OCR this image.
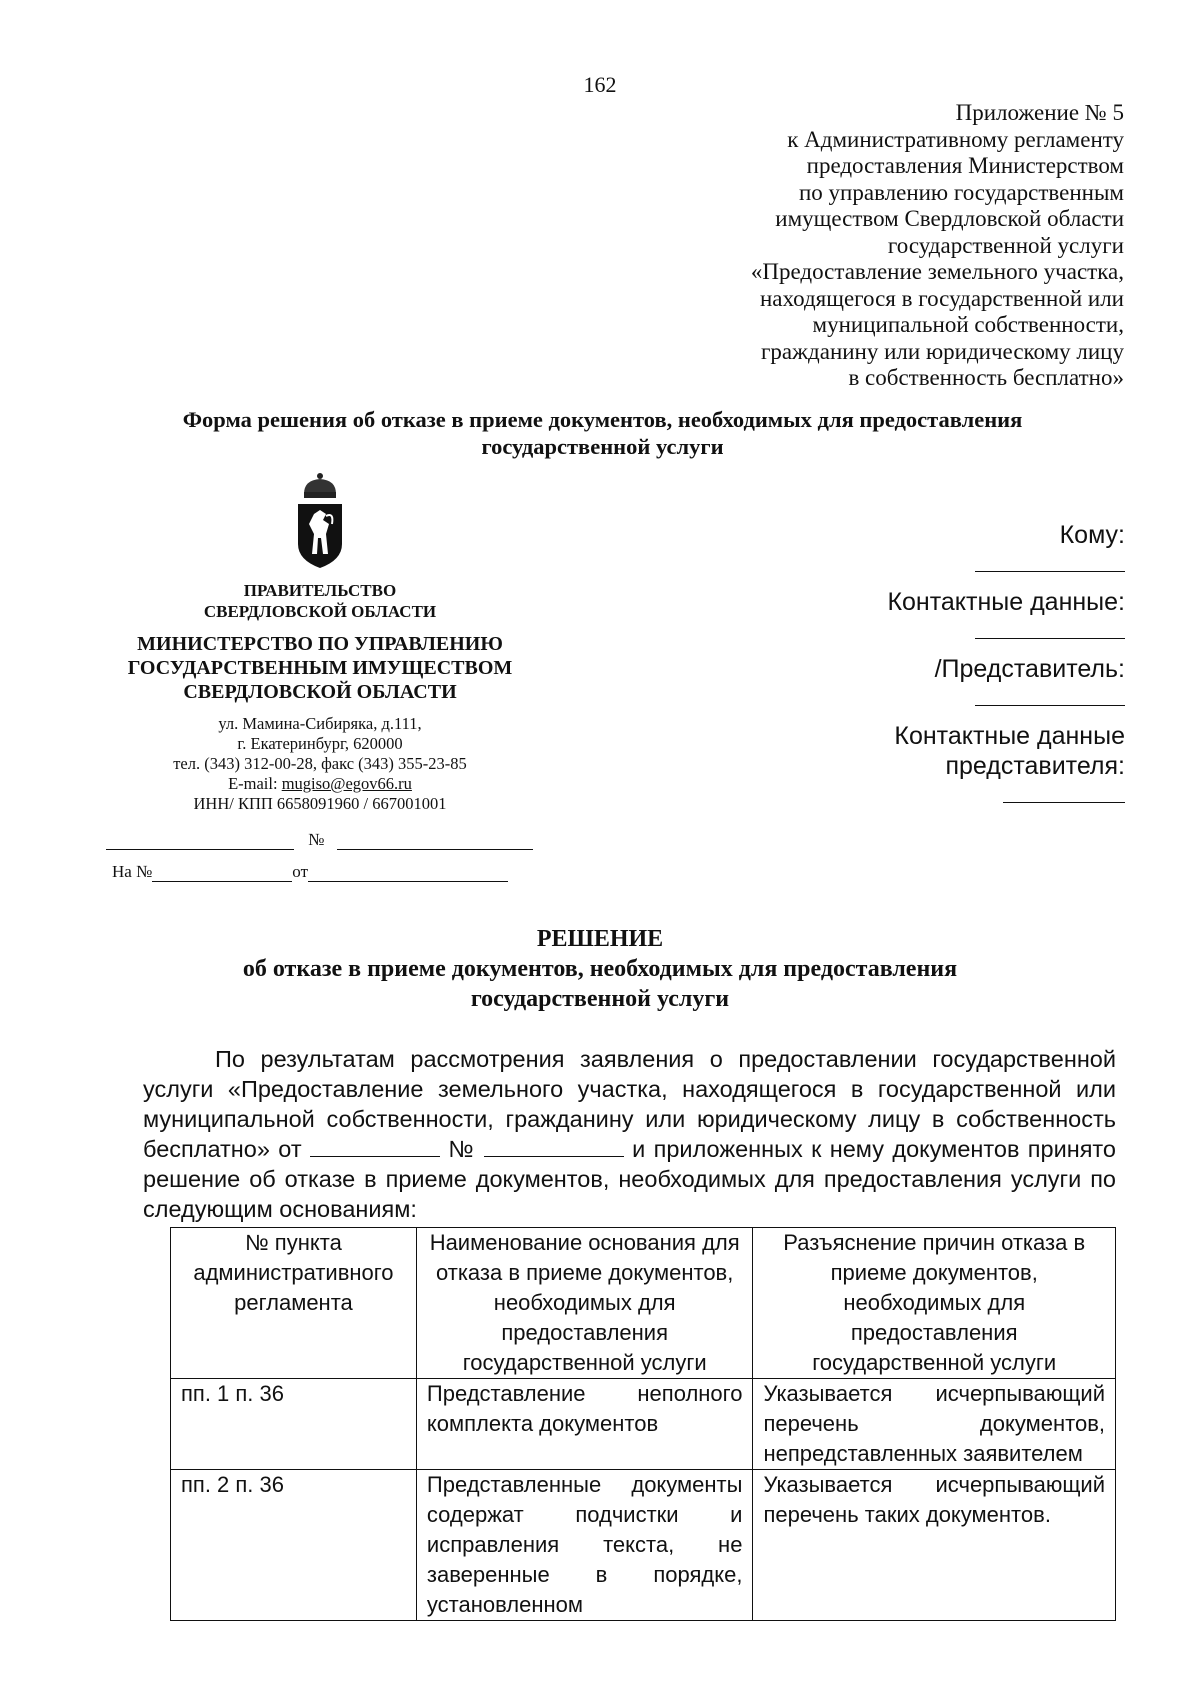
162
Приложение № 5
к Административному регламенту
предоставления Министерством
по управлению государственным
имуществом Свердловской области
государственной услуги
«Предоставление земельного участка,
находящегося в государственной или
муниципальной собственности,
гражданину или юридическому лицу
в собственность бесплатно»
Форма решения об отказе в приеме документов, необходимых для предоставления
государственной услуги
ПРАВИТЕЛЬСТВО
СВЕРДЛОВСКОЙ ОБЛАСТИ
МИНИСТЕРСТВО ПО УПРАВЛЕНИЮ
ГОСУДАРСТВЕННЫМ ИМУЩЕСТВОМ
СВЕРДЛОВСКОЙ ОБЛАСТИ
ул. Мамина-Сибиряка, д.111,
г. Екатеринбург, 620000
тел. (343) 312-00-28, факс (343) 355-23-85
E-mail: mugiso@egov66.ru
ИНН/ КПП 6658091960 / 667001001
№
На №	от
Кому:
Контактные данные:
/Представитель:
Контактные данные
представителя:
РЕШЕНИЕ
об отказе в приеме документов, необходимых для предоставления
государственной услуги

По результатам рассмотрения заявления о предоставлении государственной услуги «Предоставление земельного участка, находящегося в государственной или муниципальной собственности, гражданину или юридическому лицу в собственность бесплатно» от	№	и приложенных к нему документов принято решение об отказе в приеме документов, необходимых для предоставления услуги по следующим основаниям:

№ пункта административного регламента	Наименование основания для отказа в приеме документов, необходимых для предоставления государственной услуги	Разъяснение причин отказа в приеме документов, необходимых для предоставления государственной услуги
пп. 1 п. 36	Представление неполного комплекта документов	Указывается исчерпывающий перечень документов, непредставленных заявителем
пп. 2 п. 36	Представленные документы содержат подчистки и исправления текста, не заверенные в порядке, установленном	Указывается исчерпывающий перечень таких документов.
